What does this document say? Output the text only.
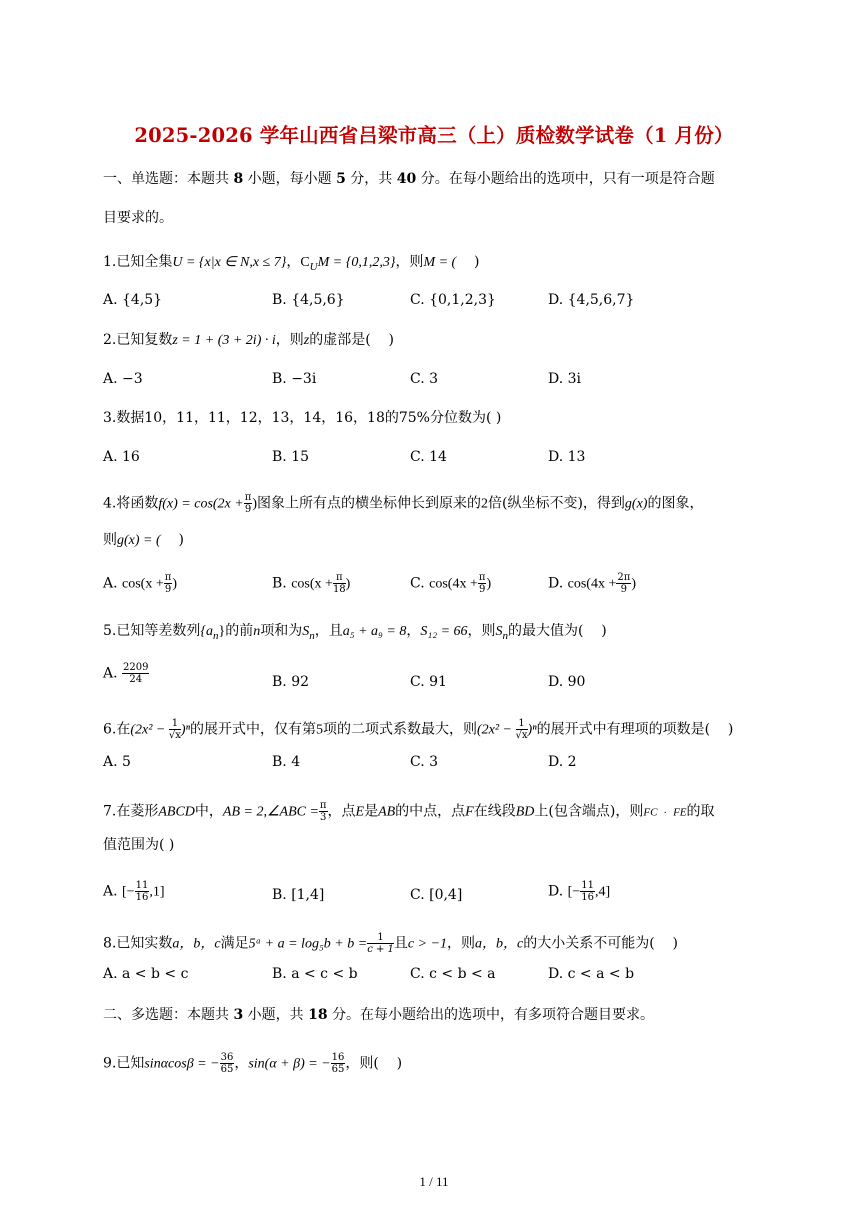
2025-2026 学年山西省吕梁市高三（上）质检数学试卷（1 月份）
一、单选题：本题共 8 小题，每小题 5 分，共 40 分。在每小题给出的选项中，只有一项是符合题
目要求的。
1.已知全集U = {x|x ∈ N,x ≤ 7}，$C_UM = \{0,1,2,3\}$，则M = (    )
A. {4,5}	B. {4,5,6}	C. {0,1,2,3}	D. {4,5,6,7}
2.已知复数z = 1 + (3 + 2i) · i，则z的虚部是(    )
A. −3	B. −3i	C. 3	D. 3i
3.数据10，11，11，12，13，14，16，18的75%分位数为( )
A. 16	B. 15	C. 14	D. 13
4.将函数$f(x) = \cos(2x + \frac{\pi}{9}$ )图象上所有点的横坐标伸长到原来的2倍(纵坐标不变)，得到g(x)的图象，
则g(x) = (    )
A. $\cos(x + \frac{\pi}{9}$ )	B. $\cos(x + \frac{\pi}{18}$ )	C. $\cos(4x + \frac{\pi}{9}$ )	D. $\cos(4x + \frac{2\pi}{9}$ )
5.已知等差数列$\{a_n\}$的前n项和为$S_n$，且a₅ + a₉ = 8，S₁₂ = 66，则$S_n$的最大值为(    )
A. $\frac{2209}{24}$	B. 92	C. 91	D. 90
6.在$(2x^2 - \frac{1}{√x} )^n$的展开式中，仅有第5项的二项式系数最大，则$(2x^2 - \frac{1}{√x} )^n$的展开式中有理项的项数是(    )
A. 5	B. 4	C. 3	D. 2
7.在菱形ABCD中，AB = 2,∠ABC = $\frac{\pi}{3}$ ，点E是AB的中点，点F在线段BD上(包含端点)，则FC · FE的取
值范围为( )
A. [− $\frac{11}{16} ,1$]	B. [1,4]	C. [0,4]	D. [− $\frac{11}{16} ,4$]
8.已知实数a，b，c满足5ᵃ + $a = \log_5b + b = \frac{1}{c + 1}$ 且c > −1，则a，b，c的大小关系不可能为(    )
A. a < b < c	B. a < c < b	C. c < b < a	D. c < a < b
二、多选题：本题共 3 小题，共 18 分。在每小题给出的选项中，有多项符合题目要求。
9.已知sinαcosβ = − $\frac{36}{65}$ ，sin(α + β) = − $\frac{16}{65}$ ，则(    )
1 / 11
